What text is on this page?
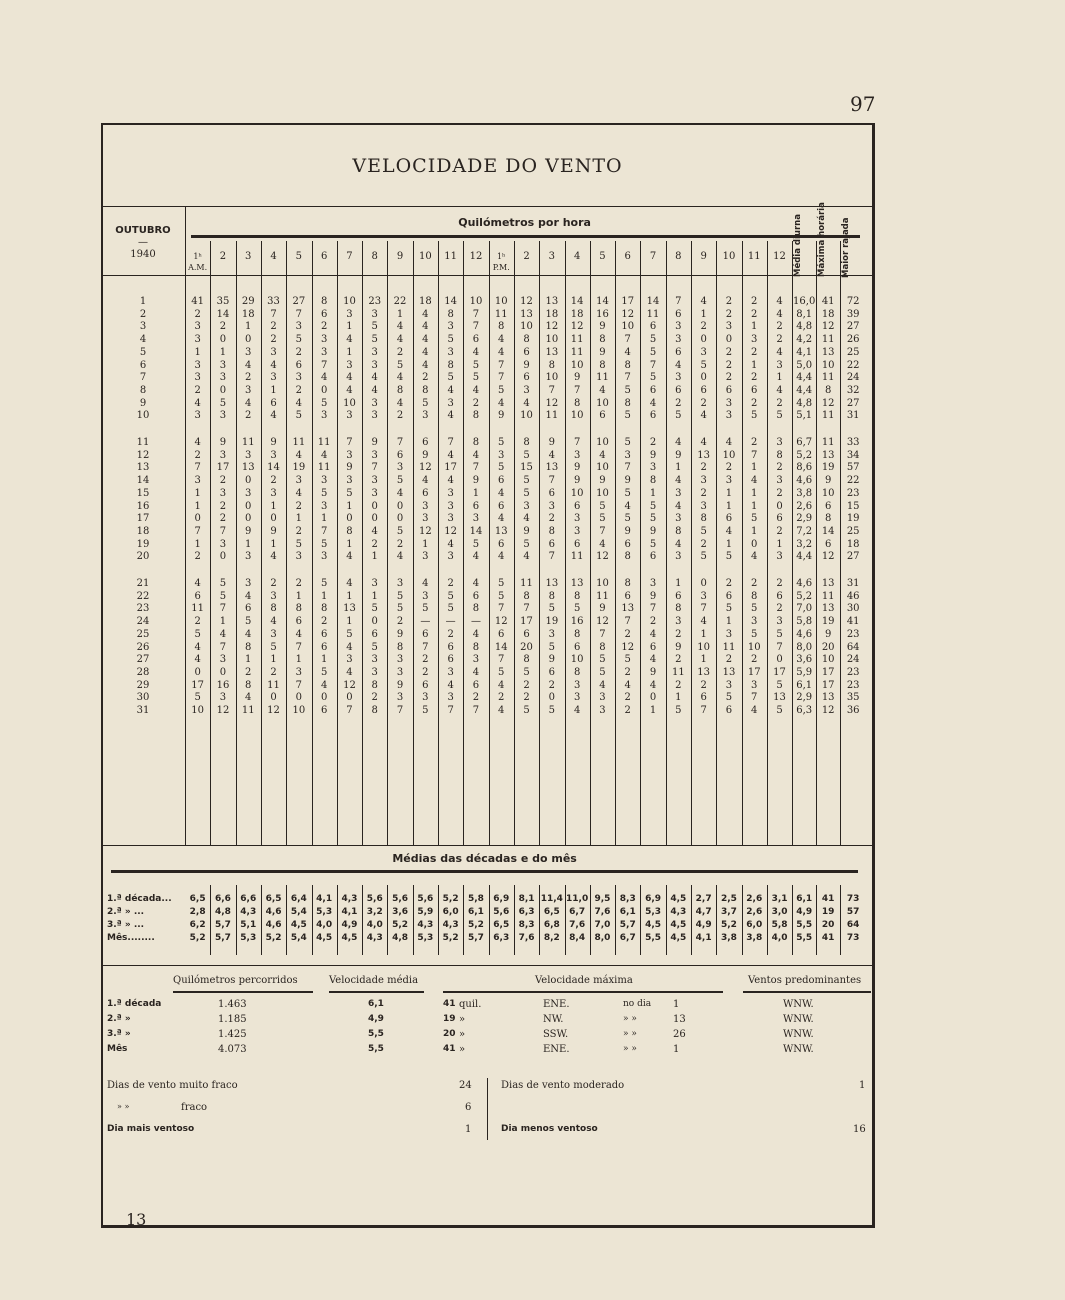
97
VELOCIDADE DO VENTO
OUTUBRO
—
1940
Quilómetros por hora
1ʰ A.M.
2	3	4	5	6	7	8	9	10	11	12	1ʰ P.M.
2	3	4	5	6	7	8	9	10	11	12 Média diurna	Máxima horária	Maior rajada
1	41	35	29	33	27	8	10	23	22	18	14	10	10	12	13	14	14	17	14	7	4	2	2	4	16,0 41	72
2	2	14	18	7	7	6	3	3	1	4	8	7	11	13	18	18	16	12	11	6	1	2	2	4	8,1 18	39
3	3	2	1	2	3	2	1	5	4	4	3	7	8	10	12	12	9	10	6	3	2	3	1	2	4,8 12	27
4	3	0	0	2	5	3	4	5	4	4	5	6	4	8	10	11	8	7	5	3	0	0	3	2	4,2 11	26
5	1	1	3	3	2	3	1	3	2	4	3	4	4	6	13	11	9	4	5	6	3	2	2	4	4,1 13	25
6	3	3	4	4	6	7	3	3	5	4	8	5	7	9	8	10	8	8	7	4	5	2	1	3	5,0 10	22
7	3	3	2	3	3	4	4	4	4	2	5	5	7	6	10	9	11	7	5	3	0	2	2	1	4,4 11	24
8	2	0	3	1	2	0	4	4	8	8	4	4	5	3	7	7	4	5	6	6	6	6	6	4	4,4	8	32
9	4	5	4	6	4	5	10	3	4	5	3	2	4	4	12	8	10	8	4	2	2	3	2	2	4,8 12	27
10	3	3	2	4	5	3	3	3	2	3	4	8	9	10	11	10	6	5	6	5	4	3	5	5	5,1 11	31
11	4	9	11	9	11	11	7	9	7	6	7	8	5	8	9	7	10	5	2	4	4	4	2	3	6,7 11	33
12	2	3	3	3	4	4	3	3	6	9	4	4	3	5	4	3	4	3	9	9	13	10	7	8	5,2 13	34
13	7	17	13	14	19	11	9	7	3	12	17	7	5	15	13	9	10	7	3	1	2	2	1	2	8,6 19	57
14	3	2	0	2	3	3	3	3	5	4	4	9	6	5	7	9	9	9	8	4	3	3	4	3	4,6	9	22
15	1	3	3	3	4	5	5	3	4	6	3	1	4	5	6	10	10	5	1	3	2	1	1	2	3,8 10	23
16	1	2	0	1	2	3	1	0	0	3	3	6	6	3	3	6	5	4	5	4	3	1	1	0	2,6	6	15
17	0	2	0	0	1	1	0	0	0	3	3	3	4	4	2	3	5	5	5	3	8	6	5	6	2,9	8	19
18	7	7	9	9	2	7	8	4	5	12	12	14	13	9	8	3	7	9	9	8	5	4	1	2	7,2 14	25
19	1	3	1	1	5	5	1	2	2	1	4	5	6	5	6	6	4	6	5	4	2	1	0	1	3,2	6	18
20	2	0	3	4	3	3	4	1	4	3	3	4	4	4	7	11	12	8	6	3	5	5	4	3	4,4 12	27
21	4	5	3	2	2	5	4	3	3	4	2	4	5	11	13	13	10	8	3	1	0	2	2	2	4,6 13	31
22	6	5	4	3	1	1	1	1	5	3	5	6	5	8	8	8	11	6	9	6	3	6	8	6	5,2 11	46
23	11	7	6	8	8	8	13	5	5	5	5	8	7	7	5	5	9	13	7	8	7	5	5	2	7,0 13	30
24	2	1	5	4	6	2	1	0	2	—	—	—	12	17	19	16	12	7	2	3	4	1	3	3	5,8 19	41
25	5	4	4	3	4	6	5	6	9	6	2	4	6	6	3	8	7	2	4	2	1	3	5	5	4,6	9	23
26	4	7	8	5	7	6	4	5	8	7	6	8	14	20	5	6	8	12	6	9	10	11	10	7	8,0 20	64
27	4	3	1	1	1	1	3	3	3	2	6	3	7	8	9	10	5	5	4	2	1	2	2	0	3,6 10	24
28	0	0	2	2	3	5	4	3	3	2	3	4	5	5	6	8	5	2	9	11	13	13	17	17	5,9 17	23
29	17	16	8	11	7	4	12	8	9	6	4	6	4	2	2	3	4	4	4	2	2	3	3	5	6,1 17	23
30	5	3	4	0	0	0	0	2	3	3	3	2	2	2	0	3	3	2	0	1	6	5	7	13	2,9 13	35
31	10	12	11	12	10	6	7	8	7	5	7	7	4	5	5	4	3	2	1	5	7	6	4	5	6,3 12	36
Médias das décadas e do mês
1.ª década...	6,5	6,6	6,6	6,5	6,4	4,1	4,3	5,6	5,6	5,6	5,2	5,8	6,9	8,1 11,4 11,0 9,5	8,3	6,9	4,5	2,7	2,5	2,6	3,1 6,1	41	73
2.ª » ...	2,8	4,8	4,3	4,6	5,4	5,3	4,1	3,2	3,6	5,9	6,0	6,1	5,6	6,3	6,5	6,7	7,6	6,1	5,3	4,3	4,7	3,7	2,6	3,0 4,9	19	57
3.ª » ...	6,2	5,7	5,1	4,6	4,5	4,0	4,9	4,0	5,2	4,3	4,3	5,2	6,5	8,3	6,8	7,6	7,0	5,7	4,5	4,5	4,9	5,2	6,0	5,8 5,5	20	64
Mês........	5,2	5,7	5,3	5,2	5,4	4,5	4,5	4,3	4,8	5,3	5,2	5,7	6,3	7,6	8,2	8,4	8,0	6,7	5,5	4,5	4,1	3,8	3,8	4,0 5,5	41	73
Quilómetros percorridos	Velocidade média	Velocidade máxima	Ventos predominantes
1.ª década	1.463	6,1	41 quil.	ENE.	no dia 1	WNW.
2.ª »	1.185	4,9	19 »	NW.	» »	13	WNW.
3.ª »	1.425	5,5	20 »	SSW.	» »	26	WNW.
Mês	4.073	5,5	41 »	ENE.	» »	1	WNW.
Dias de vento muito fraco	24
» »	fraco	6
Dia mais ventoso	1
Dias de vento moderado	1
Dia menos ventoso	16
13
